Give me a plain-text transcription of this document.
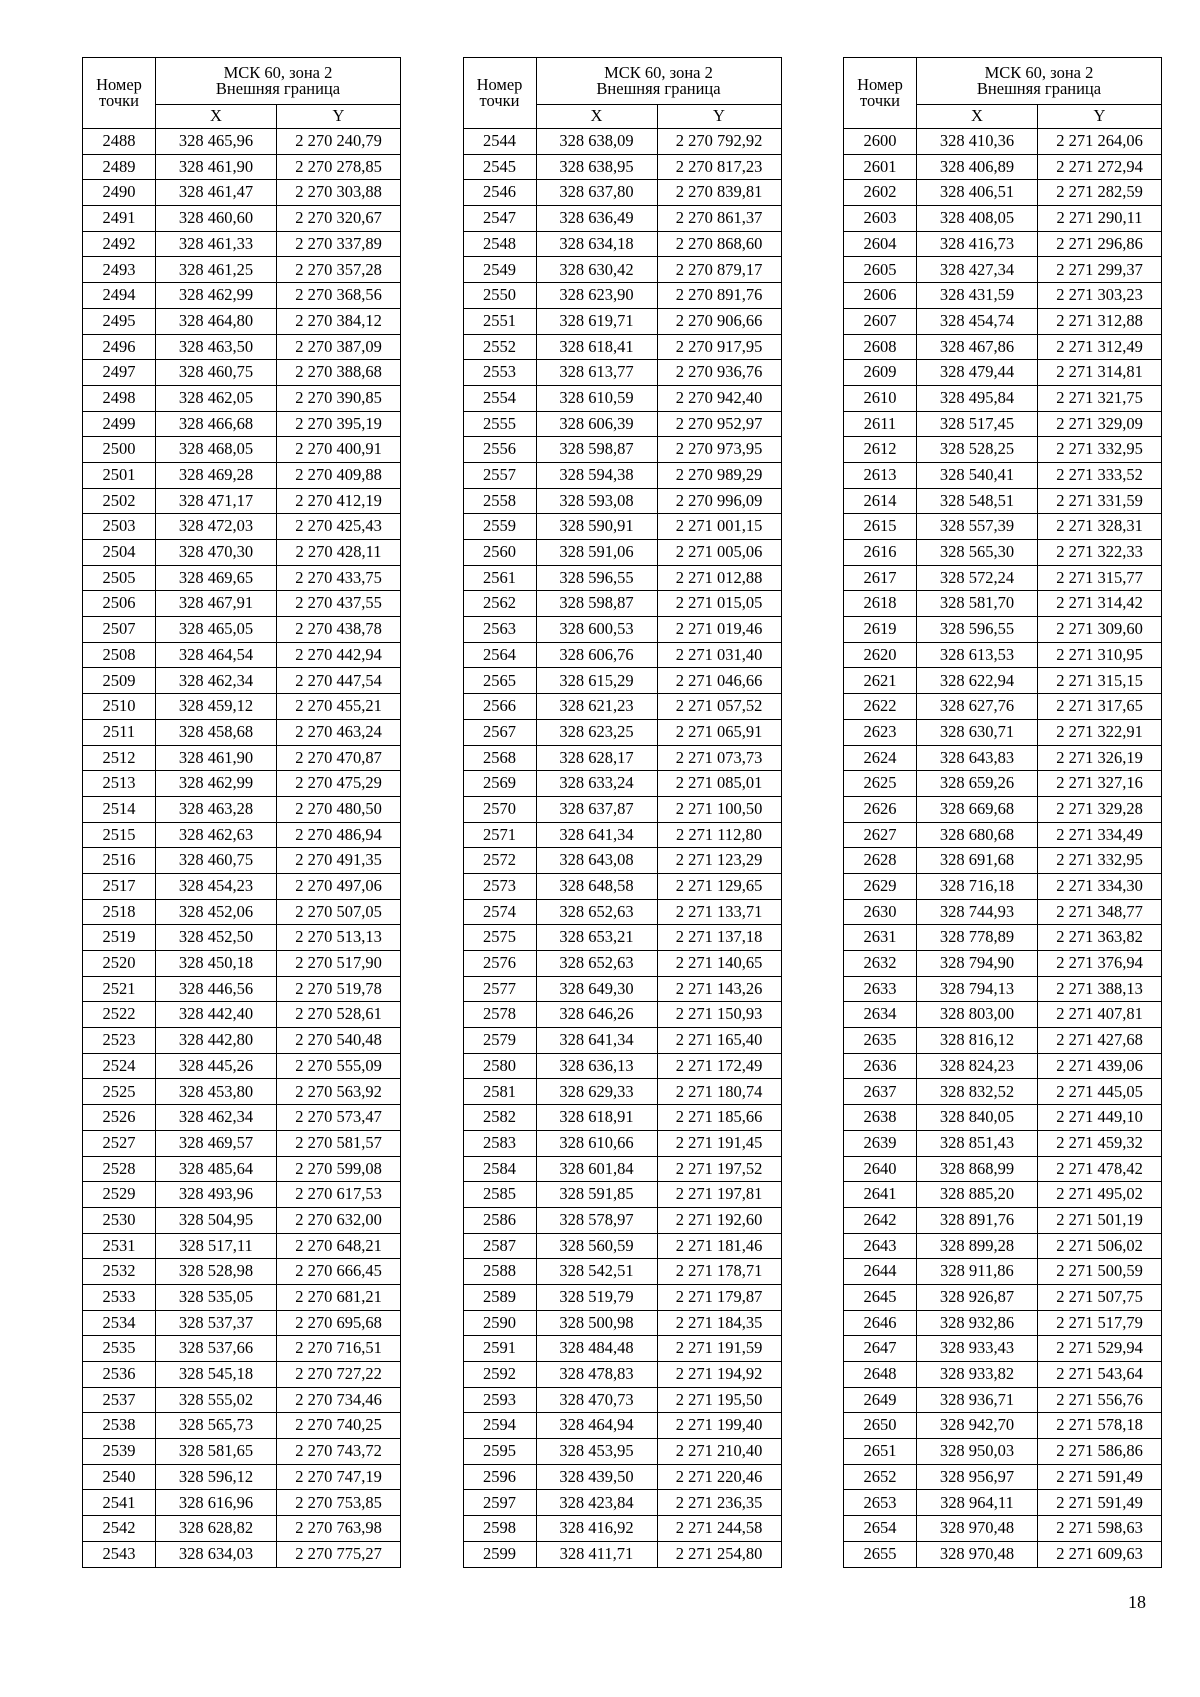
Номер
точки	МСК 60, зона 2
Внешняя граница	
	X	Y
2488	328 465,96	2 270 240,79
2489	328 461,90	2 270 278,85
2490	328 461,47	2 270 303,88
2491	328 460,60	2 270 320,67
2492	328 461,33	2 270 337,89
2493	328 461,25	2 270 357,28
2494	328 462,99	2 270 368,56
2495	328 464,80	2 270 384,12
2496	328 463,50	2 270 387,09
2497	328 460,75	2 270 388,68
2498	328 462,05	2 270 390,85
2499	328 466,68	2 270 395,19
2500	328 468,05	2 270 400,91
2501	328 469,28	2 270 409,88
2502	328 471,17	2 270 412,19
2503	328 472,03	2 270 425,43
2504	328 470,30	2 270 428,11
2505	328 469,65	2 270 433,75
2506	328 467,91	2 270 437,55
2507	328 465,05	2 270 438,78
2508	328 464,54	2 270 442,94
2509	328 462,34	2 270 447,54
2510	328 459,12	2 270 455,21
2511	328 458,68	2 270 463,24
2512	328 461,90	2 270 470,87
2513	328 462,99	2 270 475,29
2514	328 463,28	2 270 480,50
2515	328 462,63	2 270 486,94
2516	328 460,75	2 270 491,35
2517	328 454,23	2 270 497,06
2518	328 452,06	2 270 507,05
2519	328 452,50	2 270 513,13
2520	328 450,18	2 270 517,90
2521	328 446,56	2 270 519,78
2522	328 442,40	2 270 528,61
2523	328 442,80	2 270 540,48
2524	328 445,26	2 270 555,09
2525	328 453,80	2 270 563,92
2526	328 462,34	2 270 573,47
2527	328 469,57	2 270 581,57
2528	328 485,64	2 270 599,08
2529	328 493,96	2 270 617,53
2530	328 504,95	2 270 632,00
2531	328 517,11	2 270 648,21
2532	328 528,98	2 270 666,45
2533	328 535,05	2 270 681,21
2534	328 537,37	2 270 695,68
2535	328 537,66	2 270 716,51
2536	328 545,18	2 270 727,22
2537	328 555,02	2 270 734,46
2538	328 565,73	2 270 740,25
2539	328 581,65	2 270 743,72
2540	328 596,12	2 270 747,19
2541	328 616,96	2 270 753,85
2542	328 628,82	2 270 763,98
2543	328 634,03	2 270 775,27
Номер
точки	МСК 60, зона 2
Внешняя граница	
	X	Y
2544	328 638,09	2 270 792,92
2545	328 638,95	2 270 817,23
2546	328 637,80	2 270 839,81
2547	328 636,49	2 270 861,37
2548	328 634,18	2 270 868,60
2549	328 630,42	2 270 879,17
2550	328 623,90	2 270 891,76
2551	328 619,71	2 270 906,66
2552	328 618,41	2 270 917,95
2553	328 613,77	2 270 936,76
2554	328 610,59	2 270 942,40
2555	328 606,39	2 270 952,97
2556	328 598,87	2 270 973,95
2557	328 594,38	2 270 989,29
2558	328 593,08	2 270 996,09
2559	328 590,91	2 271 001,15
2560	328 591,06	2 271 005,06
2561	328 596,55	2 271 012,88
2562	328 598,87	2 271 015,05
2563	328 600,53	2 271 019,46
2564	328 606,76	2 271 031,40
2565	328 615,29	2 271 046,66
2566	328 621,23	2 271 057,52
2567	328 623,25	2 271 065,91
2568	328 628,17	2 271 073,73
2569	328 633,24	2 271 085,01
2570	328 637,87	2 271 100,50
2571	328 641,34	2 271 112,80
2572	328 643,08	2 271 123,29
2573	328 648,58	2 271 129,65
2574	328 652,63	2 271 133,71
2575	328 653,21	2 271 137,18
2576	328 652,63	2 271 140,65
2577	328 649,30	2 271 143,26
2578	328 646,26	2 271 150,93
2579	328 641,34	2 271 165,40
2580	328 636,13	2 271 172,49
2581	328 629,33	2 271 180,74
2582	328 618,91	2 271 185,66
2583	328 610,66	2 271 191,45
2584	328 601,84	2 271 197,52
2585	328 591,85	2 271 197,81
2586	328 578,97	2 271 192,60
2587	328 560,59	2 271 181,46
2588	328 542,51	2 271 178,71
2589	328 519,79	2 271 179,87
2590	328 500,98	2 271 184,35
2591	328 484,48	2 271 191,59
2592	328 478,83	2 271 194,92
2593	328 470,73	2 271 195,50
2594	328 464,94	2 271 199,40
2595	328 453,95	2 271 210,40
2596	328 439,50	2 271 220,46
2597	328 423,84	2 271 236,35
2598	328 416,92	2 271 244,58
2599	328 411,71	2 271 254,80
Номер
точки	МСК 60, зона 2
Внешняя граница	
	X	Y
2600	328 410,36	2 271 264,06
2601	328 406,89	2 271 272,94
2602	328 406,51	2 271 282,59
2603	328 408,05	2 271 290,11
2604	328 416,73	2 271 296,86
2605	328 427,34	2 271 299,37
2606	328 431,59	2 271 303,23
2607	328 454,74	2 271 312,88
2608	328 467,86	2 271 312,49
2609	328 479,44	2 271 314,81
2610	328 495,84	2 271 321,75
2611	328 517,45	2 271 329,09
2612	328 528,25	2 271 332,95
2613	328 540,41	2 271 333,52
2614	328 548,51	2 271 331,59
2615	328 557,39	2 271 328,31
2616	328 565,30	2 271 322,33
2617	328 572,24	2 271 315,77
2618	328 581,70	2 271 314,42
2619	328 596,55	2 271 309,60
2620	328 613,53	2 271 310,95
2621	328 622,94	2 271 315,15
2622	328 627,76	2 271 317,65
2623	328 630,71	2 271 322,91
2624	328 643,83	2 271 326,19
2625	328 659,26	2 271 327,16
2626	328 669,68	2 271 329,28
2627	328 680,68	2 271 334,49
2628	328 691,68	2 271 332,95
2629	328 716,18	2 271 334,30
2630	328 744,93	2 271 348,77
2631	328 778,89	2 271 363,82
2632	328 794,90	2 271 376,94
2633	328 794,13	2 271 388,13
2634	328 803,00	2 271 407,81
2635	328 816,12	2 271 427,68
2636	328 824,23	2 271 439,06
2637	328 832,52	2 271 445,05
2638	328 840,05	2 271 449,10
2639	328 851,43	2 271 459,32
2640	328 868,99	2 271 478,42
2641	328 885,20	2 271 495,02
2642	328 891,76	2 271 501,19
2643	328 899,28	2 271 506,02
2644	328 911,86	2 271 500,59
2645	328 926,87	2 271 507,75
2646	328 932,86	2 271 517,79
2647	328 933,43	2 271 529,94
2648	328 933,82	2 271 543,64
2649	328 936,71	2 271 556,76
2650	328 942,70	2 271 578,18
2651	328 950,03	2 271 586,86
2652	328 956,97	2 271 591,49
2653	328 964,11	2 271 591,49
2654	328 970,48	2 271 598,63
2655	328 970,48	2 271 609,63
18
